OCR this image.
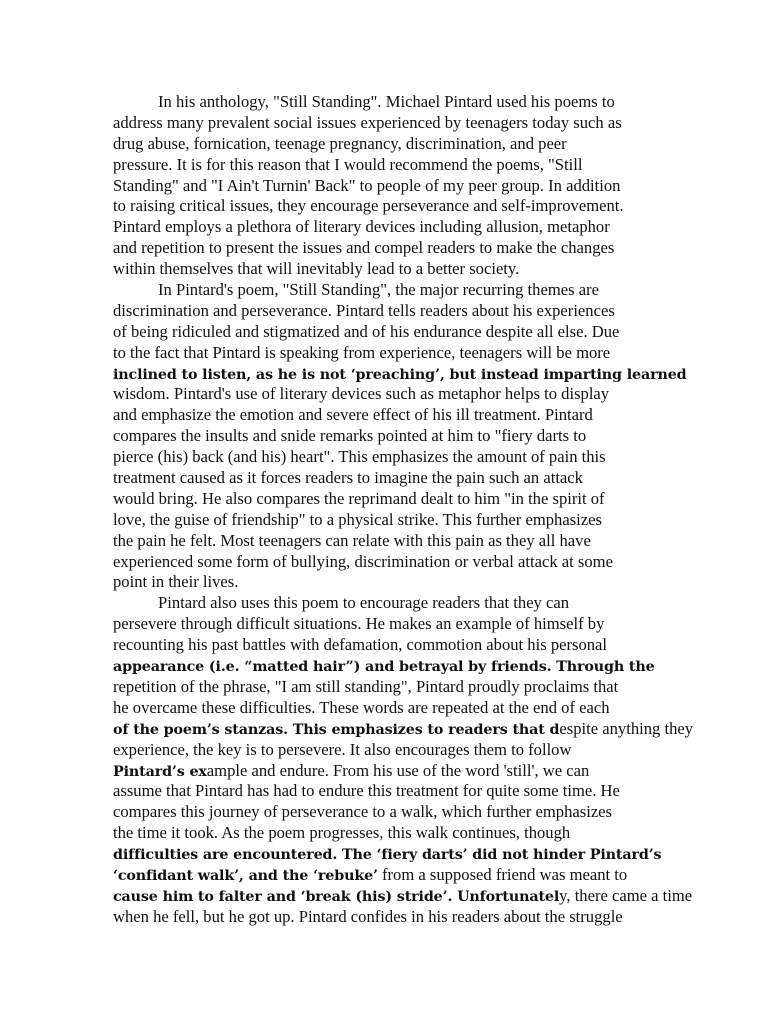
In his anthology, "Still Standing". Michael Pintard used his poems to
address many prevalent social issues experienced by teenagers today such as
drug abuse, fornication, teenage pregnancy, discrimination, and peer
pressure. It is for this reason that I would recommend the poems, "Still
Standing" and "I Ain't Turnin' Back" to people of my peer group. In addition
to raising critical issues, they encourage perseverance and self-improvement.
Pintard employs a plethora of literary devices including allusion, metaphor
and repetition to present the issues and compel readers to make the changes
within themselves that will inevitably lead to a better society.
In Pintard's poem, "Still Standing", the major recurring themes are
discrimination and perseverance. Pintard tells readers about his experiences
of being ridiculed and stigmatized and of his endurance despite all else. Due
to the fact that Pintard is speaking from experience, teenagers will be more
inclined to listen, as he is not ‘preaching’, but instead imparting learned
wisdom. Pintard's use of literary devices such as metaphor helps to display
and emphasize the emotion and severe effect of his ill treatment. Pintard
compares the insults and snide remarks pointed at him to "fiery darts to
pierce (his) back (and his) heart". This emphasizes the amount of pain this
treatment caused as it forces readers to imagine the pain such an attack
would bring. He also compares the reprimand dealt to him "in the spirit of
love, the guise of friendship" to a physical strike. This further emphasizes
the pain he felt. Most teenagers can relate with this pain as they all have
experienced some form of bullying, discrimination or verbal attack at some
point in their lives.
Pintard also uses this poem to encourage readers that they can
persevere through difficult situations. He makes an example of himself by
recounting his past battles with defamation, commotion about his personal
appearance (i.e. “matted hair”) and betrayal by friends. Through the
repetition of the phrase, "I am still standing", Pintard proudly proclaims that
he overcame these difficulties. These words are repeated at the end of each
of the poem’s stanzas. This emphasizes to readers that despite anything they
experience, the key is to persevere. It also encourages them to follow
Pintard’s example and endure. From his use of the word 'still', we can
assume that Pintard has had to endure this treatment for quite some time. He
compares this journey of perseverance to a walk, which further emphasizes
the time it took. As the poem progresses, this walk continues, though
difficulties are encountered. The ‘fiery darts’ did not hinder Pintard’s
‘confidant walk’, and the ‘rebuke’ from a supposed friend was meant to
cause him to falter and ‘break (his) stride’. Unfortunately, there came a time
when he fell, but he got up. Pintard confides in his readers about the struggle
